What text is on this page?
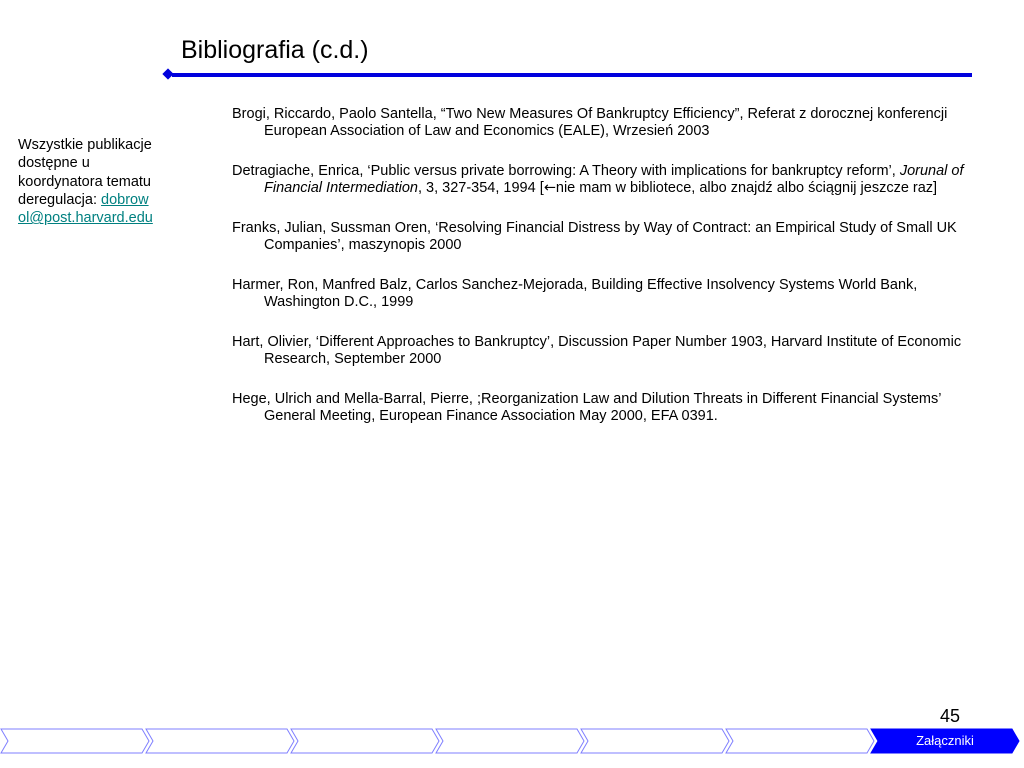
Bibliografia (c.d.)
Wszystkie publikacje dostępne u koordynatora tematu deregulacja: dobrowol@post.harvard.edu
Brogi, Riccardo, Paolo Santella, “Two New Measures Of Bankruptcy Efficiency”, Referat z dorocznej konferencji European Association of Law and Economics (EALE), Wrzesień 2003
Detragiache, Enrica, ‘Public versus private borrowing: A Theory with implications for bankruptcy reform’, Jorunal of Financial Intermediation, 3, 327-354, 1994 [←nie mam w bibliotece, albo znajdź albo ściągnij jeszcze raz]
Franks, Julian, Sussman Oren, ‘Resolving Financial Distress by Way of Contract: an Empirical Study of Small UK Companies’, maszynopis 2000
Harmer, Ron, Manfred Balz, Carlos Sanchez-Mejorada, Building Effective Insolvency Systems World Bank, Washington D.C., 1999
Hart, Olivier, ‘Different Approaches to Bankruptcy’, Discussion Paper Number 1903, Harvard Institute of Economic Research, September 2000
Hege, Ulrich and Mella-Barral, Pierre, ;Reorganization Law and Dilution Threats in Different Financial Systems’ General Meeting, European Finance Association May 2000, EFA 0391.
45
Załączniki
